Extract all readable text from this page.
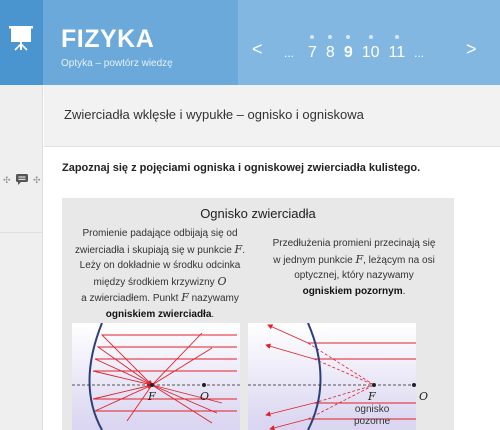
FIZYKA
Optyka – powtórz wiedzę
< ... 7 8 9 10 11 ... >
✣ ✣
Zwierciadła wklęsłe i wypukłe – ognisko i ogniskowa
Zapoznaj się z pojęciami ogniska i ogniskowej zwierciadła kulistego.
Ognisko zwierciadła
Promienie padające odbijają się od
zwierciadła i skupiają się w punkcie F.
Leży on dokładnie w środku odcinka
między środkiem krzywizny O
a zwierciadłem. Punkt F nazywamy
ogniskiem zwierciadła.
Przedłużenia promieni przecinają się
w jednym punkcie F, leżącym na osi
optycznej, który nazywamy
ogniskiem pozornym.
F	O	F	O
ognisko
pozorne
